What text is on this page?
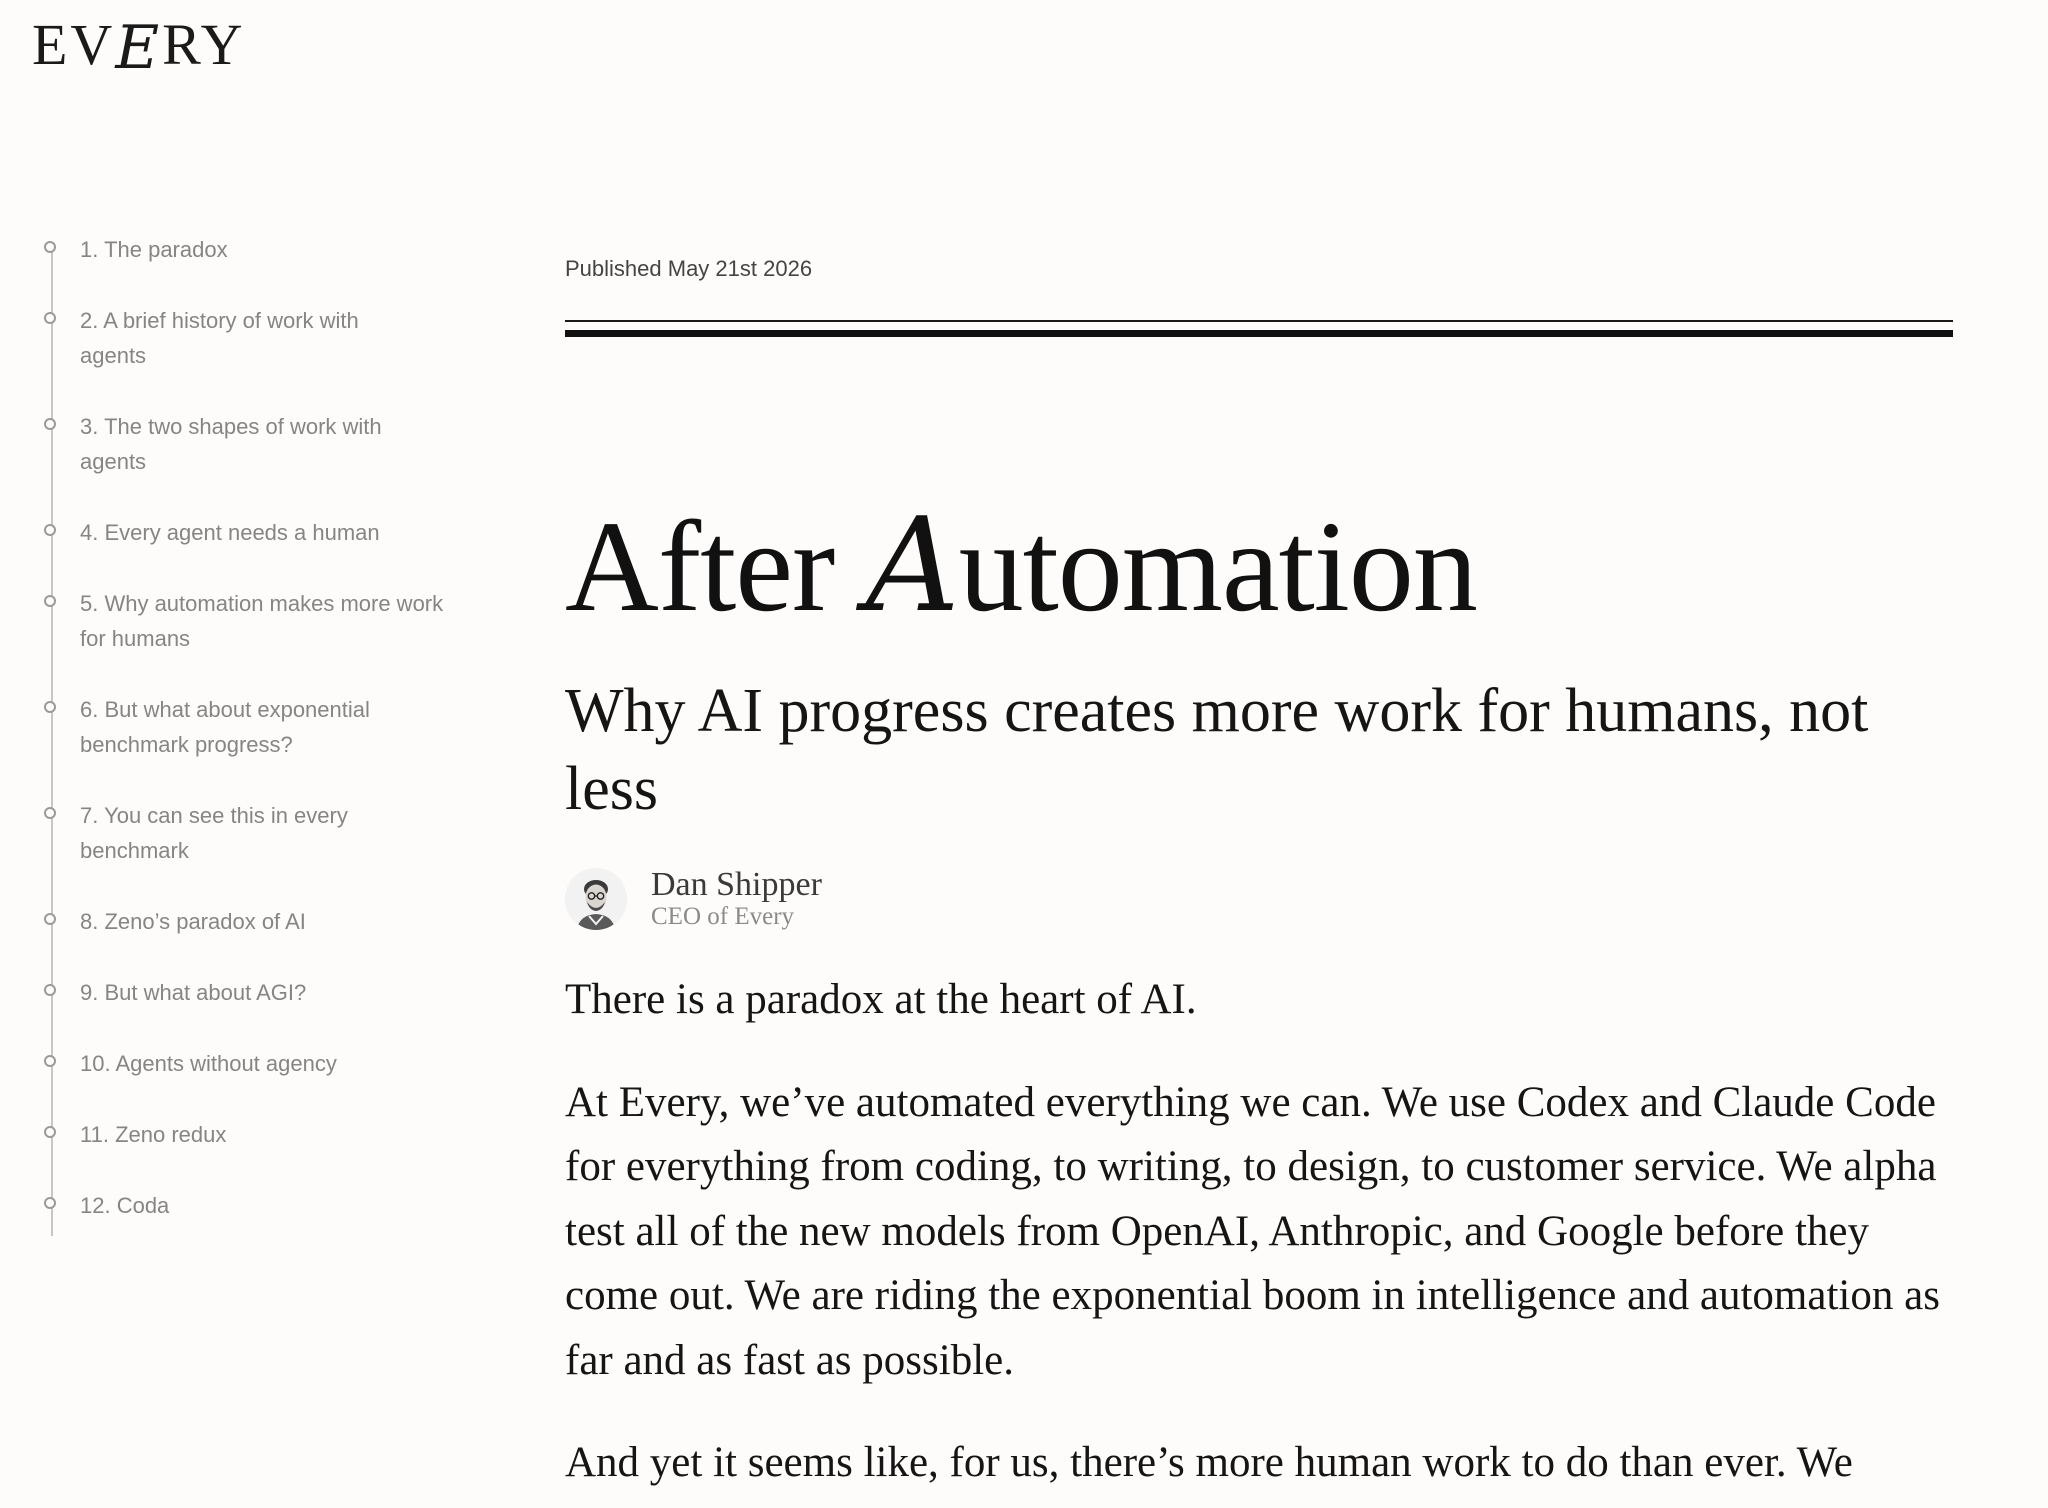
EVERY
1. The paradox
2. A brief history of work with agents
3. The two shapes of work with agents
4. Every agent needs a human
5. Why automation makes more work for humans
6. But what about exponential benchmark progress?
7. You can see this in every benchmark
8. Zeno’s paradox of AI
9. But what about AGI?
10. Agents without agency
11. Zeno redux
12. Coda
Published May 21st 2026
After Automation
Why AI progress creates more work for humans, not less
Dan Shipper
CEO of Every

There is a paradox at the heart of AI.

At Every, we’ve automated everything we can. We use Codex and Claude Code for everything from coding, to writing, to design, to customer service. We alpha test all of the new models from OpenAI, Anthropic, and Google before they come out. We are riding the exponential boom in intelligence and automation as far and as fast as possible.

And yet it seems like, for us, there’s more human work to do than ever. We
